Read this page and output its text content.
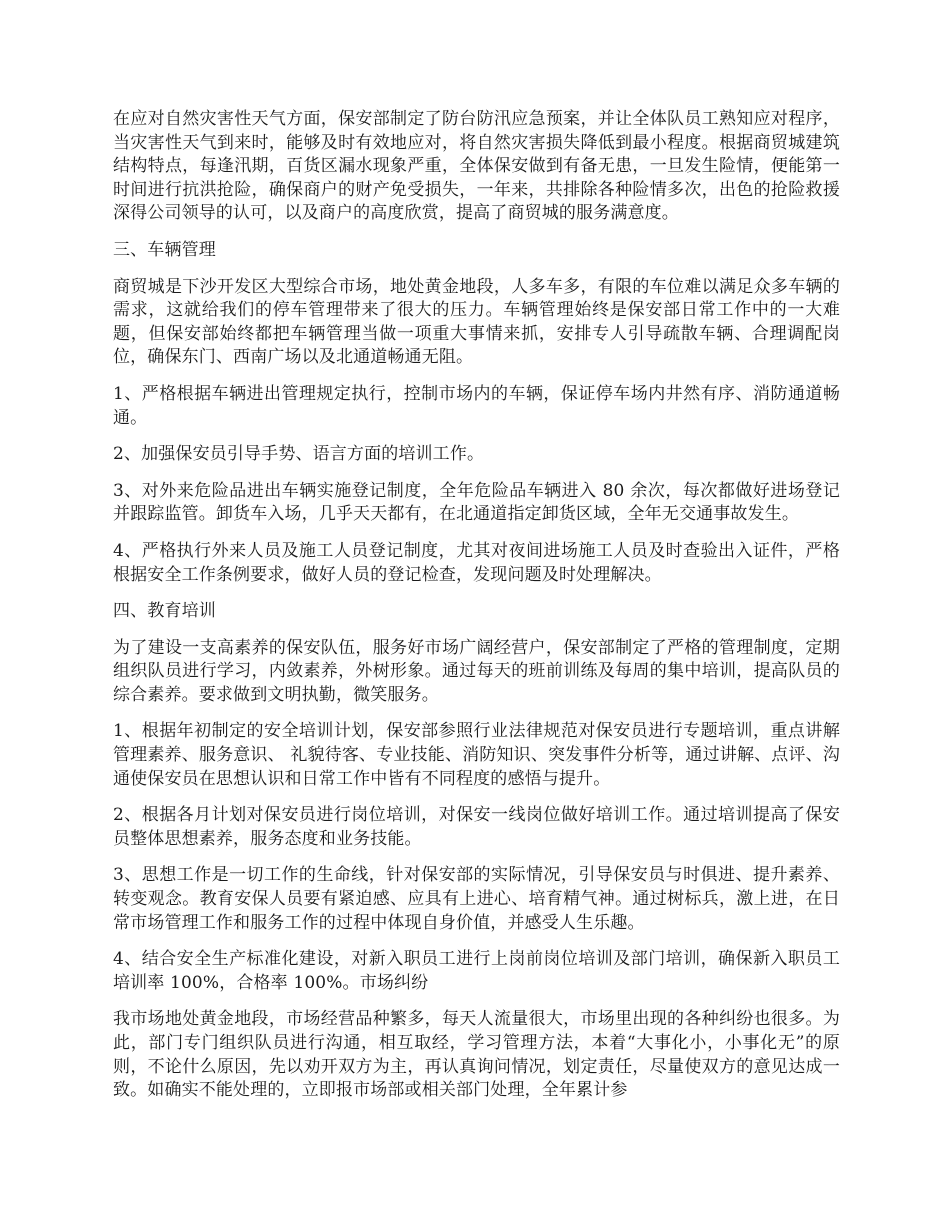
在应对自然灾害性天气方面，保安部制定了防台防汛应急预案，并让全体队员工熟知应对程序，当灾害性天气到来时，能够及时有效地应对，将自然灾害损失降低到最小程度。根据商贸城建筑结构特点，每逢汛期，百货区漏水现象严重，全体保安做到有备无患，一旦发生险情，便能第一时间进行抗洪抢险，确保商户的财产免受损失，一年来，共排除各种险情多次，出色的抢险救援深得公司领导的认可，以及商户的高度欣赏，提高了商贸城的服务满意度。

三、车辆管理

商贸城是下沙开发区大型综合市场，地处黄金地段，人多车多，有限的车位难以满足众多车辆的需求，这就给我们的停车管理带来了很大的压力。车辆管理始终是保安部日常工作中的一大难题，但保安部始终都把车辆管理当做一项重大事情来抓，安排专人引导疏散车辆、合理调配岗位，确保东门、西南广场以及北通道畅通无阻。

1、严格根据车辆进出管理规定执行，控制市场内的车辆，保证停车场内井然有序、消防通道畅通。

2、加强保安员引导手势、语言方面的培训工作。

3、对外来危险品进出车辆实施登记制度，全年危险品车辆进入 80 余次，每次都做好进场登记并跟踪监管。卸货车入场，几乎天天都有，在北通道指定卸货区域，全年无交通事故发生。

4、严格执行外来人员及施工人员登记制度，尤其对夜间进场施工人员及时查验出入证件，严格根据安全工作条例要求，做好人员的登记检查，发现问题及时处理解决。

四、教育培训

为了建设一支高素养的保安队伍，服务好市场广阔经营户，保安部制定了严格的管理制度，定期组织队员进行学习，内敛素养，外树形象。通过每天的班前训练及每周的集中培训，提高队员的综合素养。要求做到文明执勤，微笑服务。

1、根据年初制定的安全培训计划，保安部参照行业法律规范对保安员进行专题培训，重点讲解管理素养、服务意识、 礼貌待客、专业技能、消防知识、突发事件分析等，通过讲解、点评、沟通使保安员在思想认识和日常工作中皆有不同程度的感悟与提升。

2、根据各月计划对保安员进行岗位培训，对保安一线岗位做好培训工作。通过培训提高了保安员整体思想素养，服务态度和业务技能。

3、思想工作是一切工作的生命线，针对保安部的实际情况，引导保安员与时俱进、提升素养、转变观念。教育安保人员要有紧迫感、应具有上进心、培育精气神。通过树标兵，激上进，在日常市场管理工作和服务工作的过程中体现自身价值，并感受人生乐趣。

4、结合安全生产标准化建设，对新入职员工进行上岗前岗位培训及部门培训，确保新入职员工培训率 100%，合格率 100%。市场纠纷

我市场地处黄金地段，市场经营品种繁多，每天人流量很大，市场里出现的各种纠纷也很多。为此，部门专门组织队员进行沟通，相互取经，学习管理方法，本着“大事化小，小事化无”的原则，不论什么原因，先以劝开双方为主，再认真询问情况，划定责任，尽量使双方的意见达成一致。如确实不能处理的，立即报市场部或相关部门处理，全年累计参
